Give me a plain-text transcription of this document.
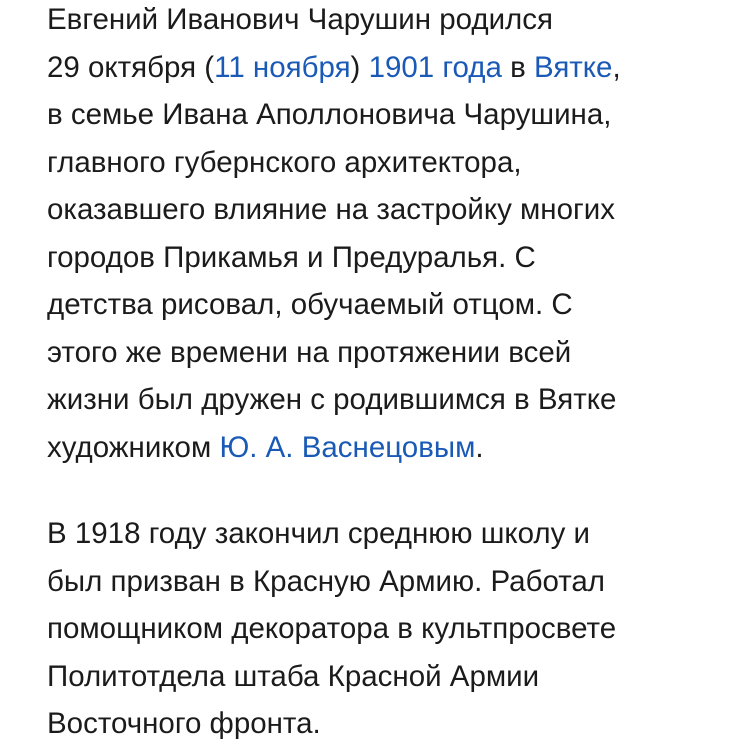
Евгений Иванович Чарушин родился
29 октября (11 ноября) 1901 года в Вятке,
в семье Ивана Аполлоновича Чарушина,
главного губернского архитектора,
оказавшего влияние на застройку многих
городов Прикамья и Предуралья. С
детства рисовал, обучаемый отцом. С
этого же времени на протяжении всей
жизни был дружен с родившимся в Вятке
художником Ю. А. Васнецовым.
В 1918 году закончил среднюю школу и
был призван в Красную Армию. Работал
помощником декоратора в культпросвете
Политотдела штаба Красной Армии
Восточного фронта.
